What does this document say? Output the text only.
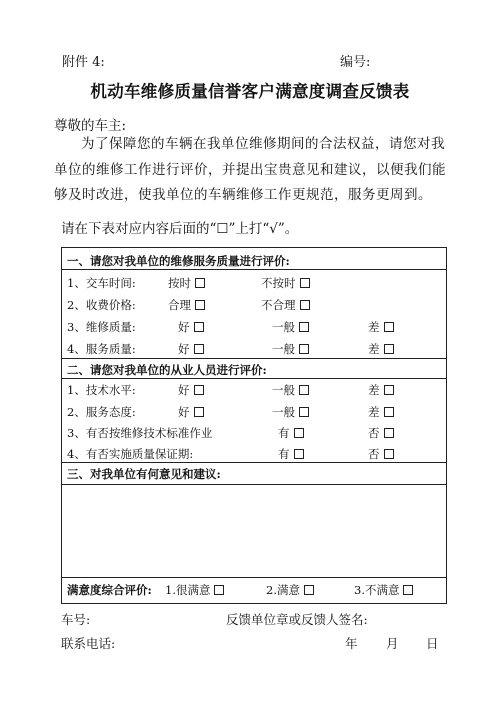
附件 4:	编号:
机动车维修质量信誉客户满意度调查反馈表
尊敬的车主:
为了保障您的车辆在我单位维修期间的合法权益，请您对我单位的维修工作进行评价，并提出宝贵意见和建议，以便我们能够及时改进，使我单位的车辆维修工作更规范，服务更周到。
请在下表对应内容后面的“☐”上打“√”。
一、请您对我单位的维修服务质量进行评价:
1、交车时间:	按时	不按时
2、收费价格:	合理	不合理
3、维修质量:	好	一般	差
4、服务质量:	好	一般	差
二、请您对我单位的从业人员进行评价:
1、技术水平:	好	一般	差
2、服务态度:	好	一般	差
3、有否按维修技术标准作业	有	否
4、有否实施质量保证期:	有	否
三、对我单位有何意见和建议:
满意度综合评价: 1.很满意	2.满意	3.不满意
车号:	反馈单位章或反馈人签名:
联系电话:	年 月 日
